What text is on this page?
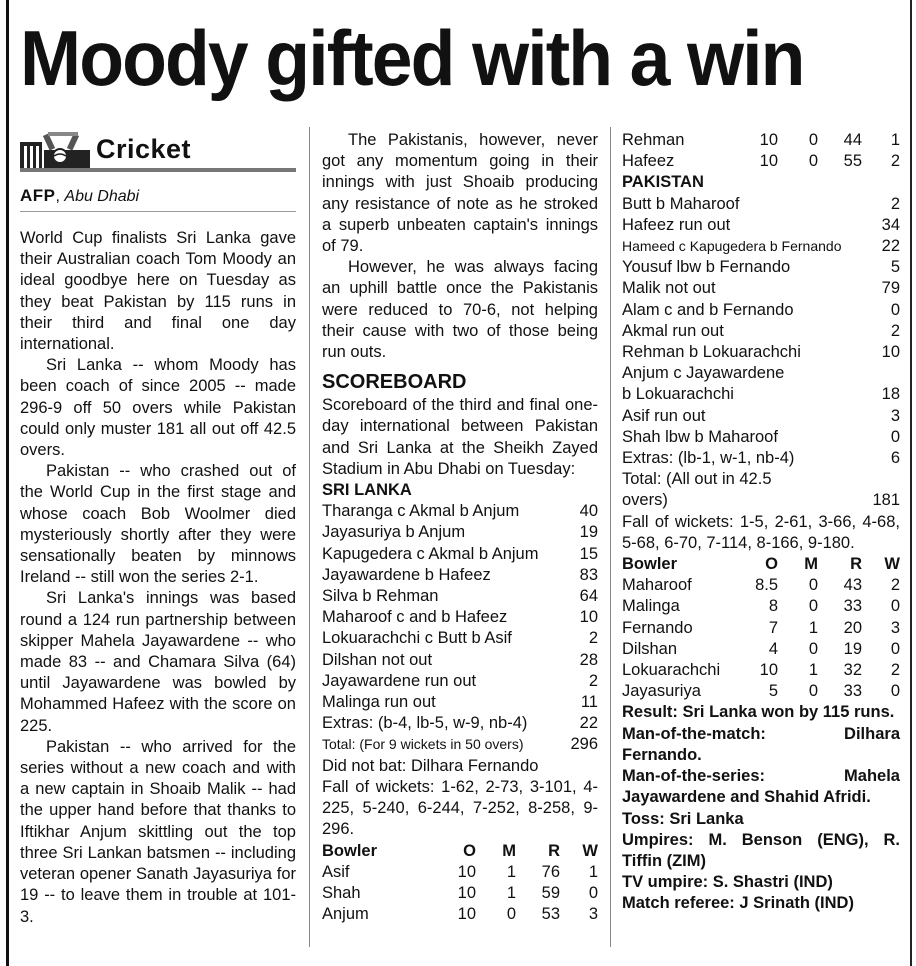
Moody gifted with a win
Cricket
AFP, Abu Dhabi

World Cup finalists Sri Lanka gave their Australian coach Tom Moody an ideal goodbye here on Tuesday as they beat Pakistan by 115 runs in their third and final one day international.

Sri Lanka -- whom Moody has been coach of since 2005 -- made 296-9 off 50 overs while Pakistan could only muster 181 all out off 42.5 overs.

Pakistan -- who crashed out of the World Cup in the first stage and whose coach Bob Woolmer died mysteriously shortly after they were sensationally beaten by minnows Ireland -- still won the series 2-1.

Sri Lanka's innings was based round a 124 run partnership between skipper Mahela Jayawardene -- who made 83 -- and Chamara Silva (64) until Jayawardene was bowled by Mohammed Hafeez with the score on 225.

Pakistan -- who arrived for the series without a new coach and with a new captain in Shoaib Malik -- had the upper hand before that thanks to Iftikhar Anjum skittling out the top three Sri Lankan batsmen -- including veteran opener Sanath Jayasuriya for 19 -- to leave them in trouble at 101-3.

The Pakistanis, however, never got any momentum going in their innings with just Shoaib producing any resistance of note as he stroked a superb unbeaten captain's innings of 79.

However, he was always facing an uphill battle once the Pakistanis were reduced to 70-6, not helping their cause with two of those being run outs.

SCOREBOARD

Scoreboard of the third and final one-day international between Pakistan and Sri Lanka at the Sheikh Zayed Stadium in Abu Dhabi on Tuesday:

SRI LANKA

Tharanga c Akmal b Anjum	40
Jayasuriya b Anjum	19
Kapugedera c Akmal b Anjum 15
Jayawardene b Hafeez	83
Silva b Rehman	64
Maharoof c and b Hafeez	10
Lokuarachchi c Butt b Asif	2
Dilshan not out	28
Jayawardene run out	2
Malinga run out	11
Extras: (b-4, lb-5, w-9, nb-4)	22
Total: (For 9 wickets in 50 overs)	296

Did not bat: Dilhara Fernando

Fall of wickets: 1-62, 2-73, 3-101, 4-225, 5-240, 6-244, 7-252, 8-258, 9-296.

Bowler	O	M	R	W
Asif	10	1	76	1
Shah	10	1	59	0
Anjum	10	0	53	3
Rehman	10	0	44	1
Hafeez	10	0	55	2

PAKISTAN

Butt b Maharoof	2
Hafeez run out	34
Hameed c Kapugedera b Fernando 22
Yousuf lbw b Fernando	5
Malik not out	79
Alam c and b Fernando	0
Akmal run out	2
Rehman b Lokuarachchi	10
Anjum c Jayawardene
b Lokuarachchi	18
Asif run out	3
Shah lbw b Maharoof	0
Extras: (lb-1, w-1, nb-4)	6
Total: (All out in 42.5
overs)	181

Fall of wickets: 1-5, 2-61, 3-66, 4-68, 5-68, 6-70, 7-114, 8-166, 9-180.

Bowler	O	M	R	W
Maharoof	8.5	0	43	2
Malinga	8	0	33	0
Fernando	7	1	20	3
Dilshan	4	0	19	0
Lokuarachchi	10	1	32	2
Jayasuriya	5	0	33	0

Result: Sri Lanka won by 115 runs.

Man-of-the-match: Dilhara Fernando.

Man-of-the-series: Mahela Jayawardene and Shahid Afridi.

Toss: Sri Lanka

Umpires: M. Benson (ENG), R. Tiffin (ZIM)

TV umpire: S. Shastri (IND)

Match referee: J Srinath (IND)
